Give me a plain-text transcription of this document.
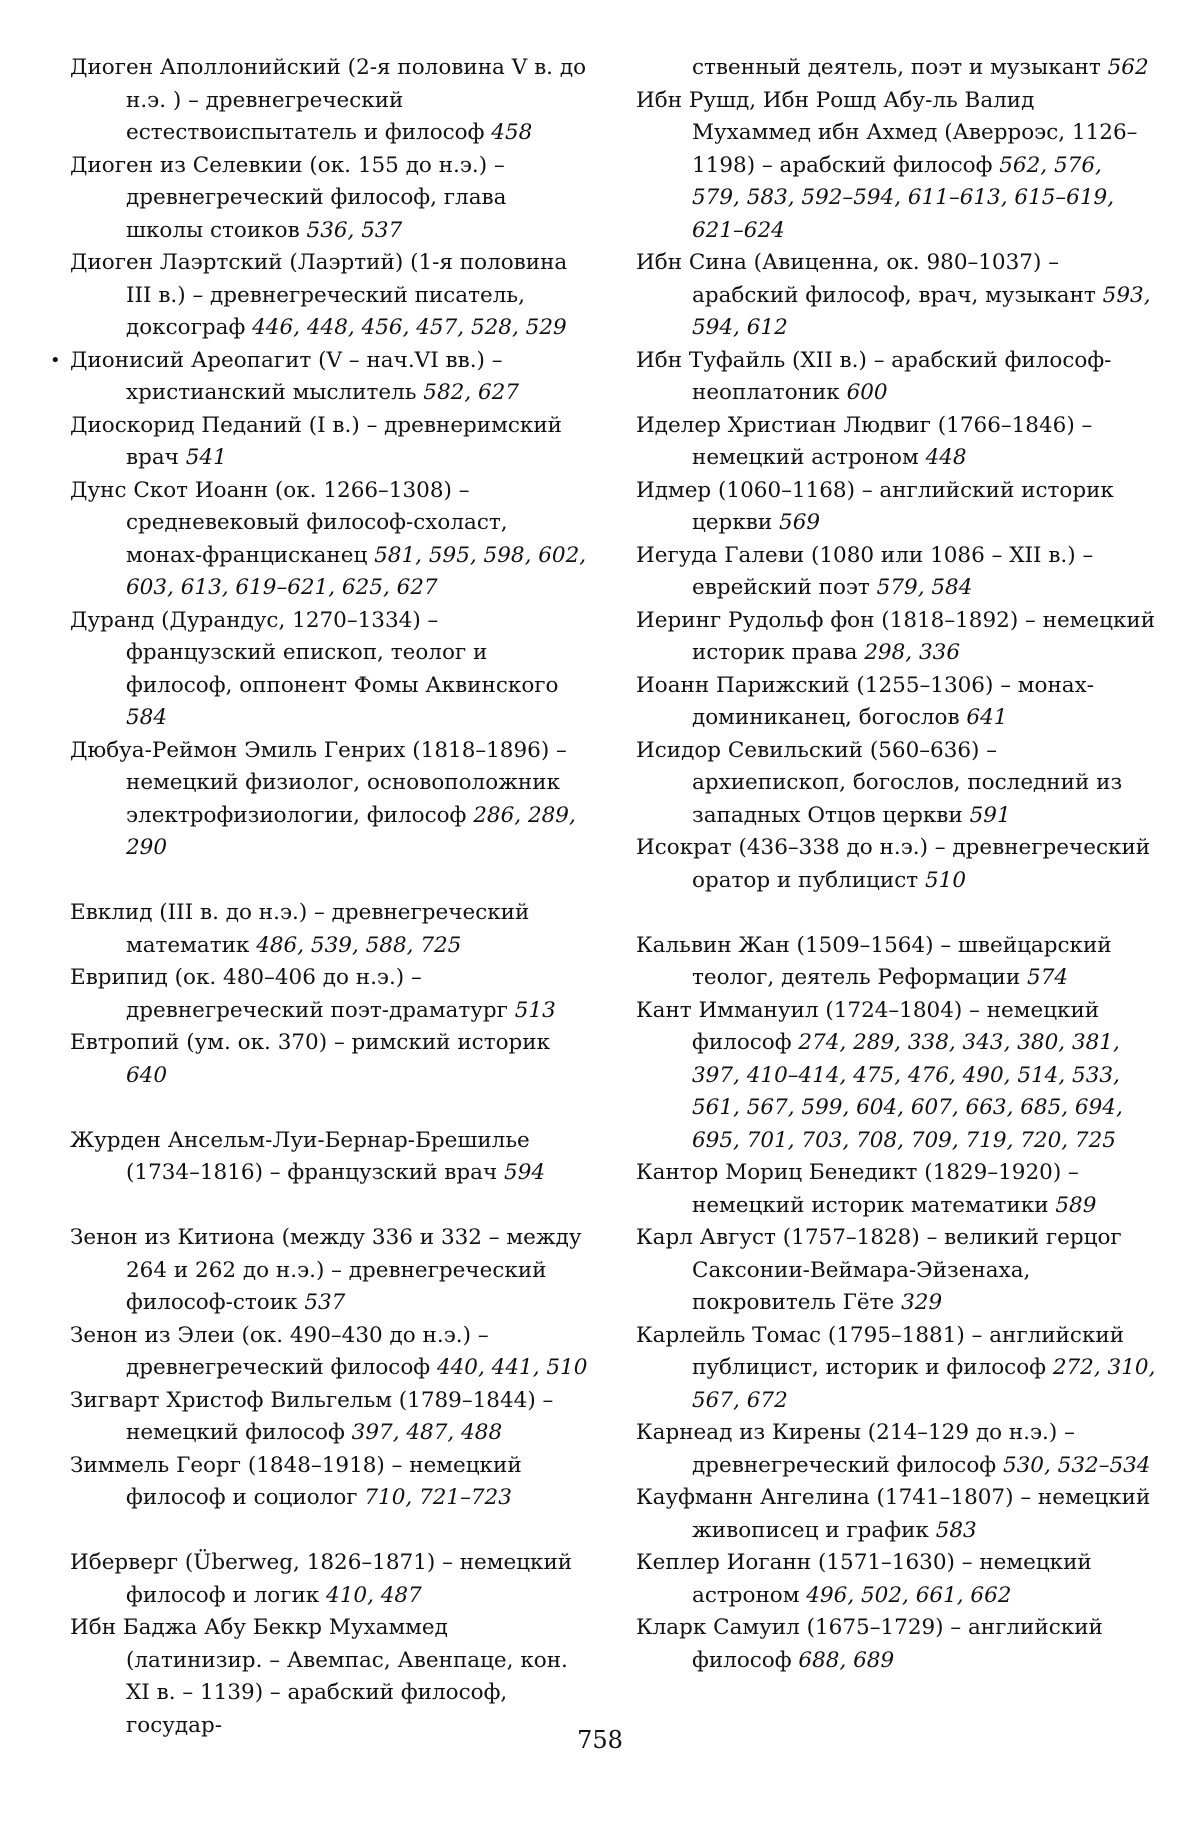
Диоген Аполлонийский (2-я половина V в. до н.э. ) – древнегреческий естествоиспытатель и философ 458

Диоген из Селевкии (ок. 155 до н.э.) – древнегреческий философ, глава школы стоиков 536, 537

Диоген Лаэртский (Лаэртий) (1-я половина III в.) – древнегреческий писатель, доксограф 446, 448, 456, 457, 528, 529

• Дионисий Ареопагит (V – нач.VI вв.) – христианский мыслитель 582, 627

Диоскорид Педаний (I в.) – древнеримский врач 541

Дунс Скот Иоанн (ок. 1266–1308) – средневековый философ-схоласт, монах-францисканец 581, 595, 598, 602, 603, 613, 619–621, 625, 627

Дуранд (Дурандус, 1270–1334) – французский епископ, теолог и философ, оппонент Фомы Аквинского 584

Дюбуа-Реймон Эмиль Генрих (1818–1896) – немецкий физиолог, основоположник электрофизиологии, философ 286, 289, 290

Евклид (III в. до н.э.) – древнегреческий математик 486, 539, 588, 725

Еврипид (ок. 480–406 до н.э.) – древнегреческий поэт-драматург 513

Евтропий (ум. ок. 370) – римский историк 640

Журден Ансельм-Луи-Бернар-Брешилье (1734–1816) – французский врач 594

Зенон из Китиона (между 336 и 332 – между 264 и 262 до н.э.) – древнегреческий философ-стоик 537

Зенон из Элеи (ок. 490–430 до н.э.) – древнегреческий философ 440, 441, 510

Зигварт Христоф Вильгельм (1789–1844) – немецкий философ 397, 487, 488

Зиммель Георг (1848–1918) – немецкий философ и социолог 710, 721–723

Иберверг (Überweg, 1826–1871) – немецкий философ и логик 410, 487

Ибн Баджа Абу Беккр Мухаммед (латинизир. – Авемпас, Авенпаце, кон. XI в. – 1139) – арабский философ, государ-

ственный деятель, поэт и музыкант 562

Ибн Рушд, Ибн Рошд Абу-ль Валид Мухаммед ибн Ахмед (Аверроэс, 1126–1198) – арабский философ 562, 576, 579, 583, 592–594, 611–613, 615–619, 621–624

Ибн Сина (Авиценна, ок. 980–1037) – арабский философ, врач, музыкант 593, 594, 612

Ибн Туфайль (XII в.) – арабский философ-неоплатоник 600

Иделер Христиан Людвиг (1766–1846) – немецкий астроном 448

Идмер (1060–1168) – английский историк церкви 569

Иегуда Галеви (1080 или 1086 – XII в.) – еврейский поэт 579, 584

Иеринг Рудольф фон (1818–1892) – немецкий историк права 298, 336

Иоанн Парижский (1255–1306) – монах-доминиканец, богослов 641

Исидор Севильский (560–636) – архиепископ, богослов, последний из западных Отцов церкви 591

Исократ (436–338 до н.э.) – древнегреческий оратор и публицист 510

Кальвин Жан (1509–1564) – швейцарский теолог, деятель Реформации 574

Кант Иммануил (1724–1804) – немецкий философ 274, 289, 338, 343, 380, 381, 397, 410–414, 475, 476, 490, 514, 533, 561, 567, 599, 604, 607, 663, 685, 694, 695, 701, 703, 708, 709, 719, 720, 725

Кантор Мориц Бенедикт (1829–1920) – немецкий историк математики 589

Карл Август (1757–1828) – великий герцог Саксонии-Веймара-Эйзенаха, покровитель Гёте 329

Карлейль Томас (1795–1881) – английский публицист, историк и философ 272, 310, 567, 672

Карнеад из Кирены (214–129 до н.э.) – древнегреческий философ 530, 532–534

Кауфманн Ангелина (1741–1807) – немецкий живописец и график 583

Кеплер Иоганн (1571–1630) – немецкий астроном 496, 502, 661, 662

Кларк Самуил (1675–1729) – английский философ 688, 689

758
